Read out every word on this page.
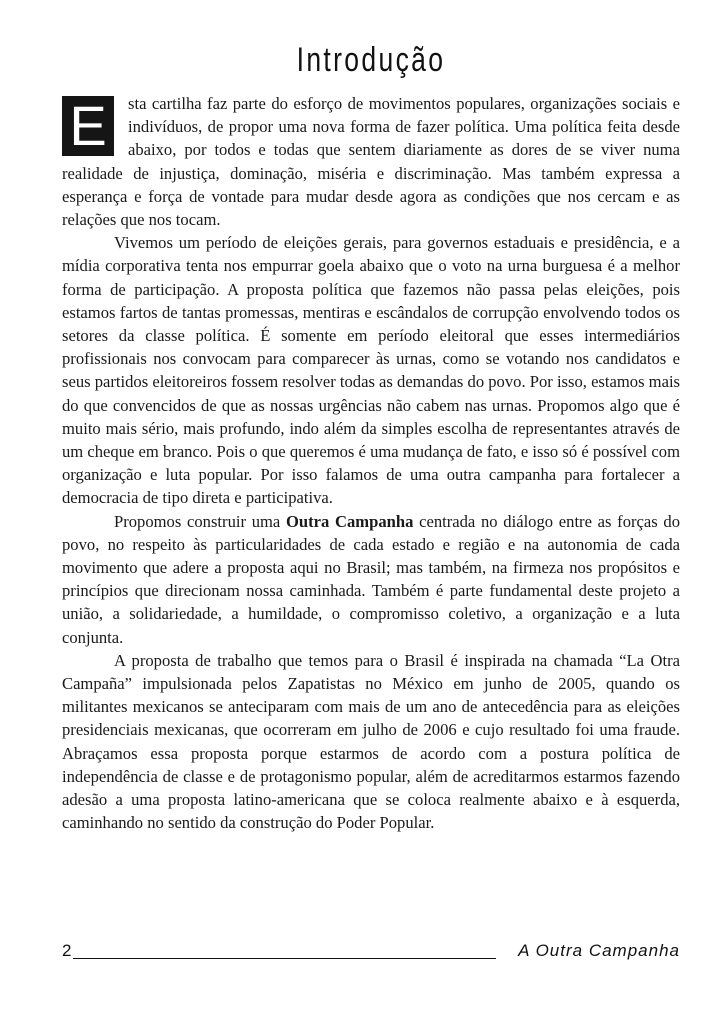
Introdução

E	sta cartilha faz parte do esforço de movimentos populares, organizações sociais e indivíduos, de propor uma nova forma de fazer política. Uma política feita desde abaixo, por todos e todas que sentem diariamente as dores de se viver numa realidade de injustiça, dominação, miséria e discriminação. Mas também expressa a esperança e força de vontade para mudar desde agora as condições que nos cercam e as relações que nos tocam.

Vivemos um período de eleições gerais, para governos estaduais e presidência, e a mídia corporativa tenta nos empurrar goela abaixo que o voto na urna burguesa é a melhor forma de participação. A proposta política que fazemos não passa pelas eleições, pois estamos fartos de tantas promessas, mentiras e escândalos de corrupção envolvendo todos os setores da classe política. É somente em período eleitoral que esses intermediários profissionais nos convocam para comparecer às urnas, como se votando nos candidatos e seus partidos eleitoreiros fossem resolver todas as demandas do povo. Por isso, estamos mais do que convencidos de que as nossas urgências não cabem nas urnas. Propomos algo que é muito mais sério, mais profundo, indo além da simples escolha de representantes através de um cheque em branco. Pois o que queremos é uma mudança de fato, e isso só é possível com organização e luta popular. Por isso falamos de uma outra campanha para fortalecer a democracia de tipo direta e participativa.

Propomos construir uma Outra Campanha centrada no diálogo entre as forças do povo, no respeito às particularidades de cada estado e região e na autonomia de cada movimento que adere a proposta aqui no Brasil; mas também, na firmeza nos propósitos e princípios que direcionam nossa caminhada. Também é parte fundamental deste projeto a união, a solidariedade, a humildade, o compromisso coletivo, a organização e a luta conjunta.

A proposta de trabalho que temos para o Brasil é inspirada na chamada “La Otra Campaña” impulsionada pelos Zapatistas no México em junho de 2005, quando os militantes mexicanos se anteciparam com mais de um ano de antecedência para as eleições presidenciais mexicanas, que ocorreram em julho de 2006 e cujo resultado foi uma fraude. Abraçamos essa proposta porque estarmos de acordo com a postura política de independência de classe e de protagonismo popular, além de acreditarmos estarmos fazendo adesão a uma proposta latino-americana que se coloca realmente abaixo e à esquerda, caminhando no sentido da construção do Poder Popular.

2	A Outra Campanha
